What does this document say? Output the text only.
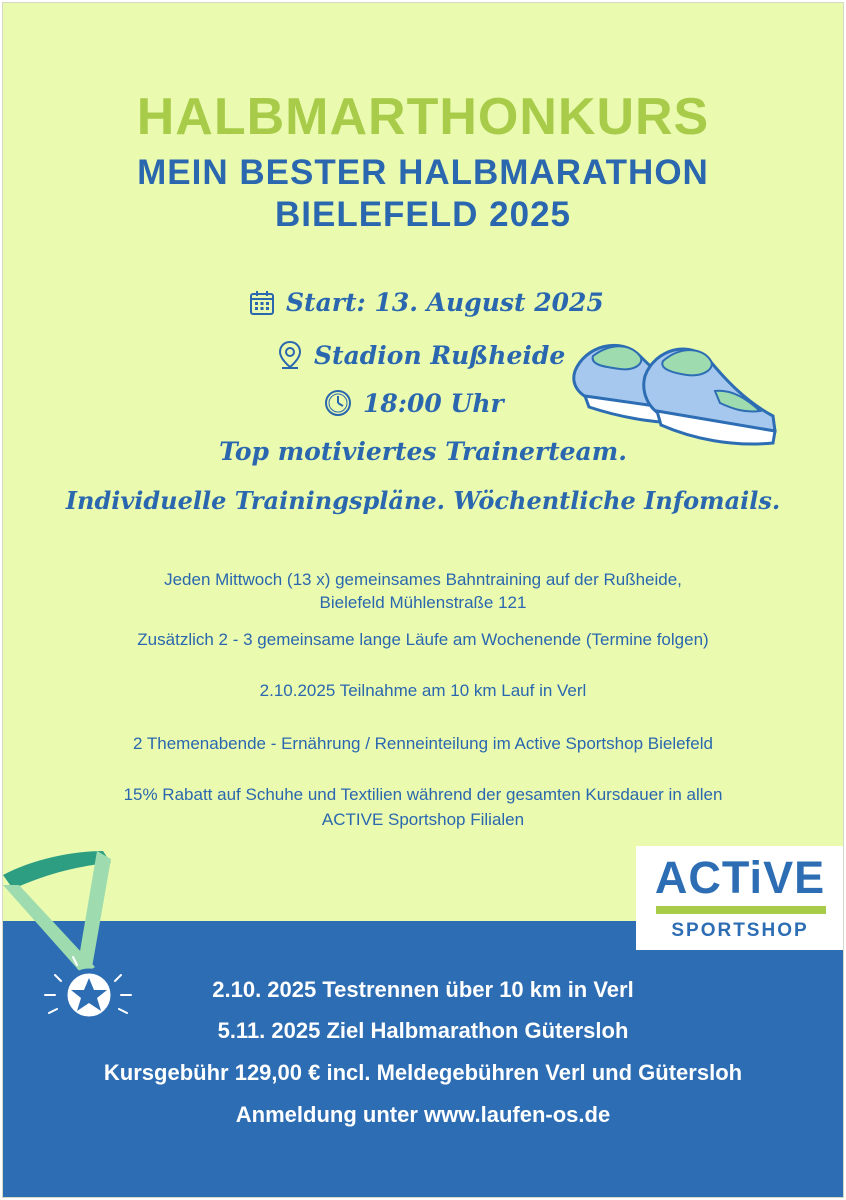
HALBMARTHONKURS
MEIN BESTER HALBMARATHON
BIELEFELD 2025
Start: 13. August 2025
Stadion Rußheide
18:00 Uhr
Top motiviertes Trainerteam.
Individuelle Trainingspläne. Wöchentliche Infomails.
Jeden Mittwoch (13 x) gemeinsames Bahntraining auf der Rußheide,
Bielefeld Mühlenstraße 121
Zusätzlich 2 - 3 gemeinsame lange Läufe am Wochenende (Termine folgen)
2.10.2025 Teilnahme am 10 km Lauf in Verl
2 Themenabende - Ernährung / Renneinteilung im Active Sportshop Bielefeld
15% Rabatt auf Schuhe und Textilien während der gesamten Kursdauer in allen
ACTIVE Sportshop Filialen
2.10. 2025 Testrennen über 10 km in Verl
5.11. 2025 Ziel Halbmarathon Gütersloh
Kursgebühr 129,00 € incl. Meldegebühren Verl und Gütersloh
Anmeldung unter www.laufen-os.de
ACTiVE
SPORTSHOP
